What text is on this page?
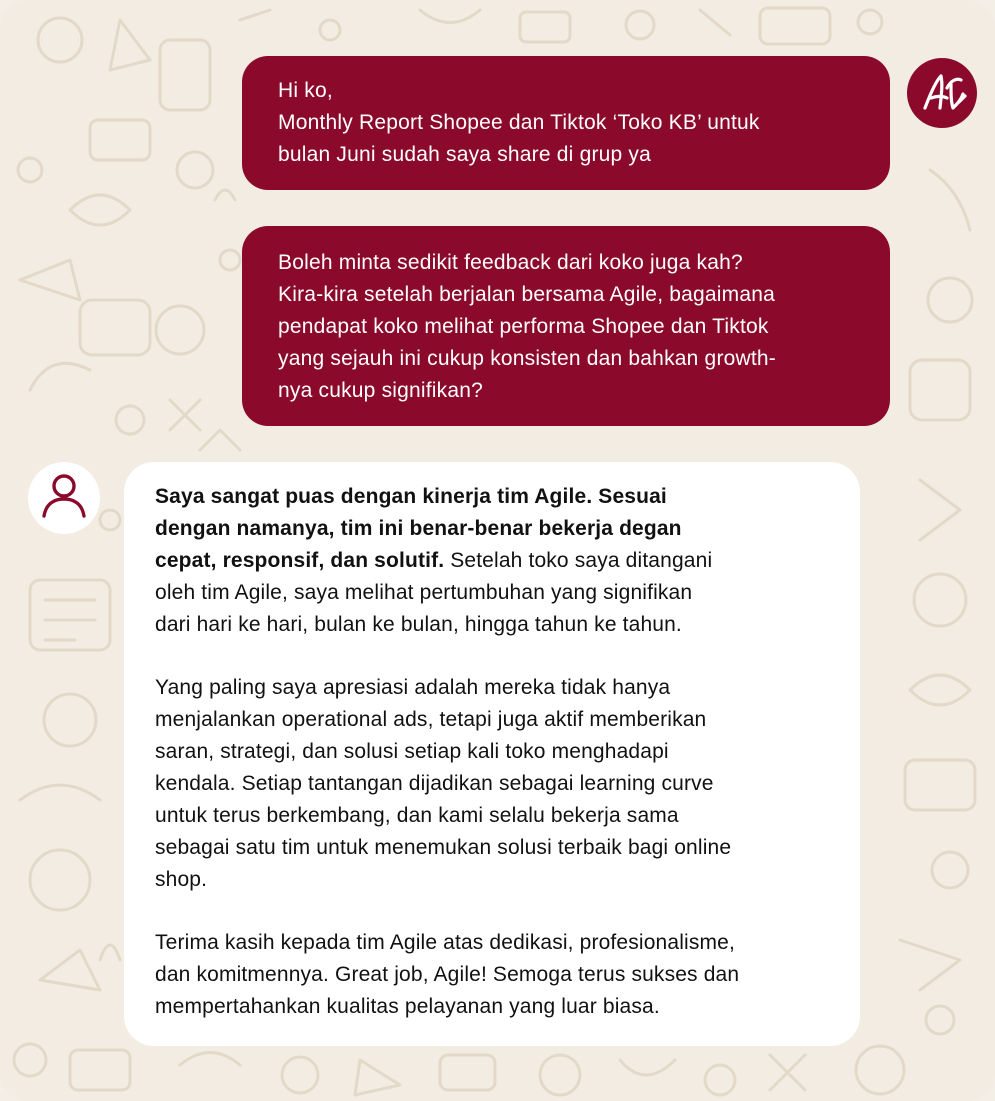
Hi ko,
Monthly Report Shopee dan Tiktok ‘Toko KB’ untuk
bulan Juni sudah saya share di grup ya
Boleh minta sedikit feedback dari koko juga kah?
Kira-kira setelah berjalan bersama Agile, bagaimana
pendapat koko melihat performa Shopee dan Tiktok
yang sejauh ini cukup konsisten dan bahkan growth-
nya cukup signifikan?
Saya sangat puas dengan kinerja tim Agile. Sesuai
dengan namanya, tim ini benar-benar bekerja degan
cepat, responsif, dan solutif. Setelah toko saya ditangani
oleh tim Agile, saya melihat pertumbuhan yang signifikan
dari hari ke hari, bulan ke bulan, hingga tahun ke tahun.
Yang paling saya apresiasi adalah mereka tidak hanya
menjalankan operational ads, tetapi juga aktif memberikan
saran, strategi, dan solusi setiap kali toko menghadapi
kendala. Setiap tantangan dijadikan sebagai learning curve
untuk terus berkembang, dan kami selalu bekerja sama
sebagai satu tim untuk menemukan solusi terbaik bagi online
shop.
Terima kasih kepada tim Agile atas dedikasi, profesionalisme,
dan komitmennya. Great job, Agile! Semoga terus sukses dan
mempertahankan kualitas pelayanan yang luar biasa.
